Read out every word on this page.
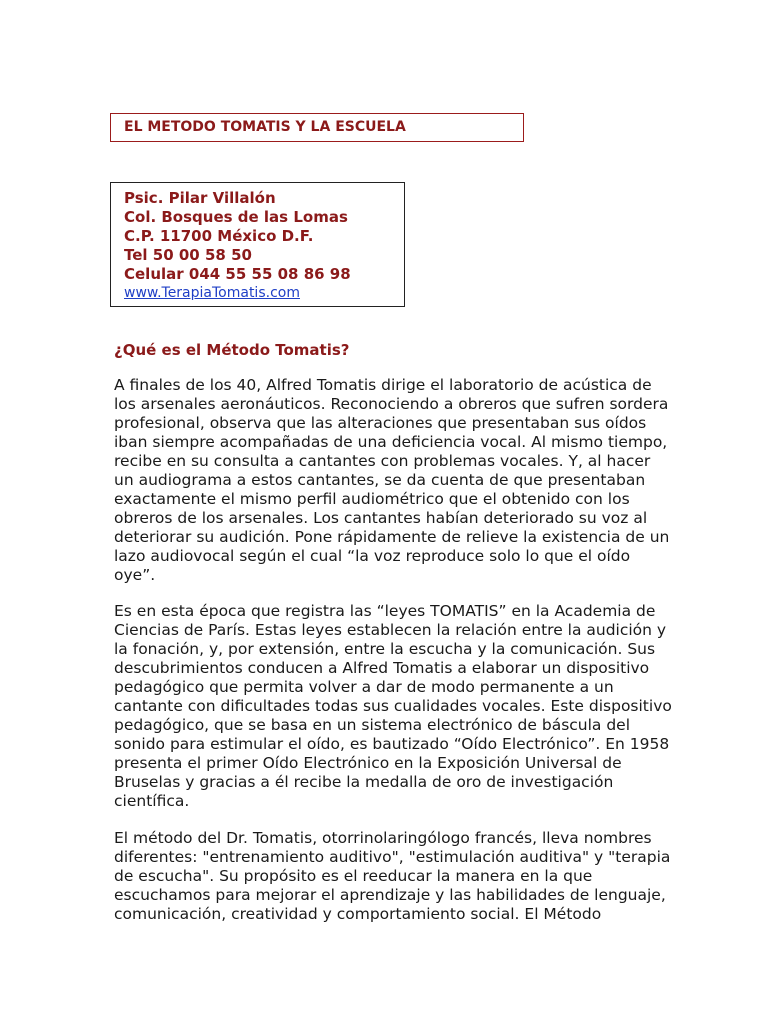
EL METODO TOMATIS Y LA ESCUELA
Psic. Pilar Villalón
Col. Bosques de las Lomas
C.P. 11700 México D.F.
Tel 50 00 58 50
Celular 044 55 55 08 86 98
www.TerapiaTomatis.com
¿Qué es el Método Tomatis?

A finales de los 40, Alfred Tomatis dirige el laboratorio de acústica de
los arsenales aeronáuticos. Reconociendo a obreros que sufren sordera
profesional, observa que las alteraciones que presentaban sus oídos
iban siempre acompañadas de una deficiencia vocal. Al mismo tiempo,
recibe en su consulta a cantantes con problemas vocales. Y, al hacer
un audiograma a estos cantantes, se da cuenta de que presentaban
exactamente el mismo perfil audiométrico que el obtenido con los
obreros de los arsenales. Los cantantes habían deteriorado su voz al
deteriorar su audición. Pone rápidamente de relieve la existencia de un
lazo audiovocal según el cual “la voz reproduce solo lo que el oído
oye”.

Es en esta época que registra las “leyes TOMATIS” en la Academia de
Ciencias de París. Estas leyes establecen la relación entre la audición y
la fonación, y, por extensión, entre la escucha y la comunicación. Sus
descubrimientos conducen a Alfred Tomatis a elaborar un dispositivo
pedagógico que permita volver a dar de modo permanente a un
cantante con dificultades todas sus cualidades vocales. Este dispositivo
pedagógico, que se basa en un sistema electrónico de báscula del
sonido para estimular el oído, es bautizado “Oído Electrónico”. En 1958
presenta el primer Oído Electrónico en la Exposición Universal de
Bruselas y gracias a él recibe la medalla de oro de investigación
científica.

El método del Dr. Tomatis, otorrinolaringólogo francés, lleva nombres
diferentes: "entrenamiento auditivo", "estimulación auditiva" y "terapia
de escucha". Su propósito es el reeducar la manera en la que
escuchamos para mejorar el aprendizaje y las habilidades de lenguaje,
comunicación, creatividad y comportamiento social. El Método
